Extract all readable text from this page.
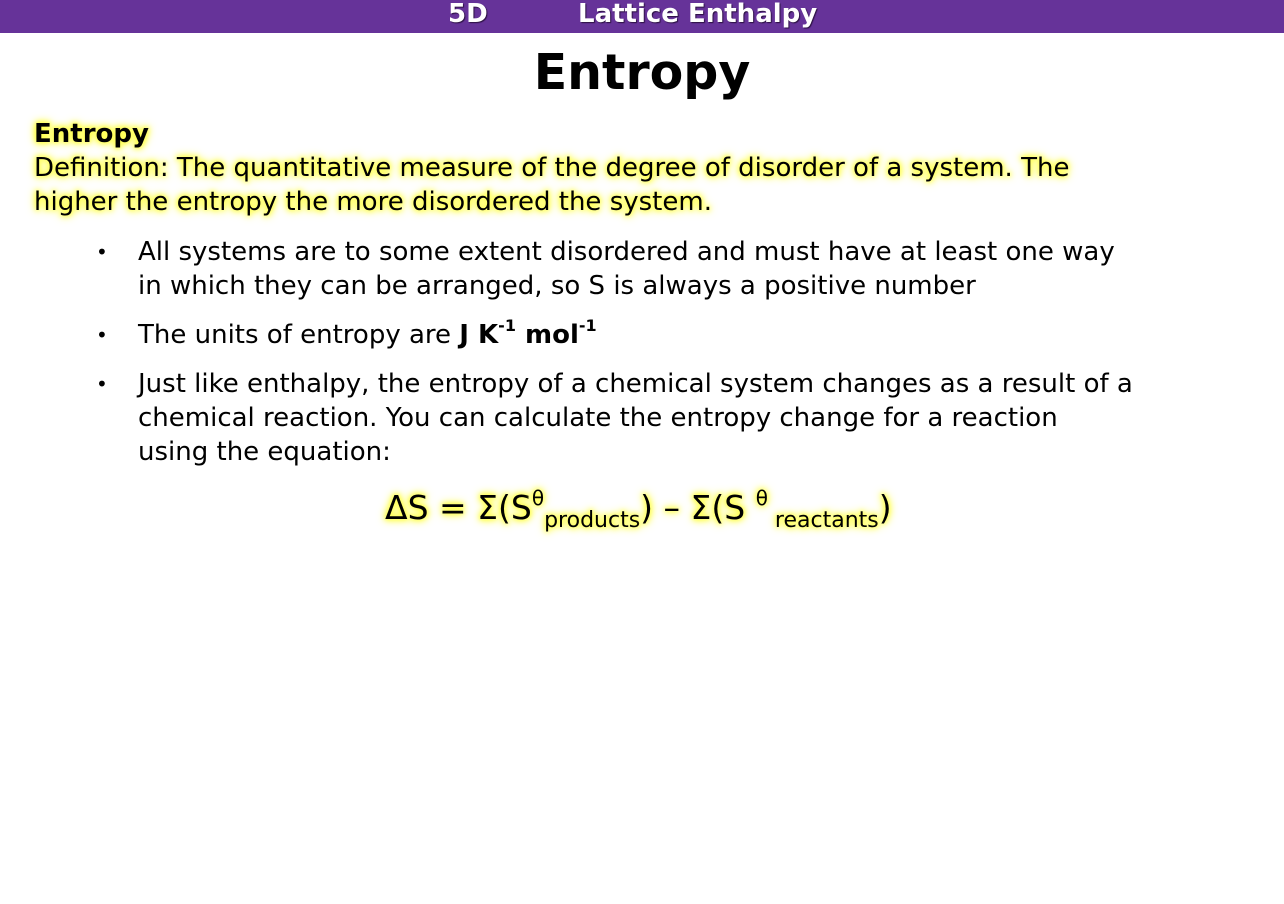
5D	Lattice Enthalpy
Entropy
Entropy
Definition: The quantitative measure of the degree of disorder of a system. The
higher the entropy the more disordered the system.
• All systems are to some extent disordered and must have at least one way
in which they can be arranged, so S is always a positive number
• The units of entropy are J $K^{-1}$ mol$^{-1}$
• Just like enthalpy, the entropy of a chemical system changes as a result of a
chemical reaction. You can calculate the entropy change for a reaction
using the equation:
$\Delta S = \Sigma(S^\theta_{products}) - \Sigma(S$ $^\theta$ $_{reactants}$)
